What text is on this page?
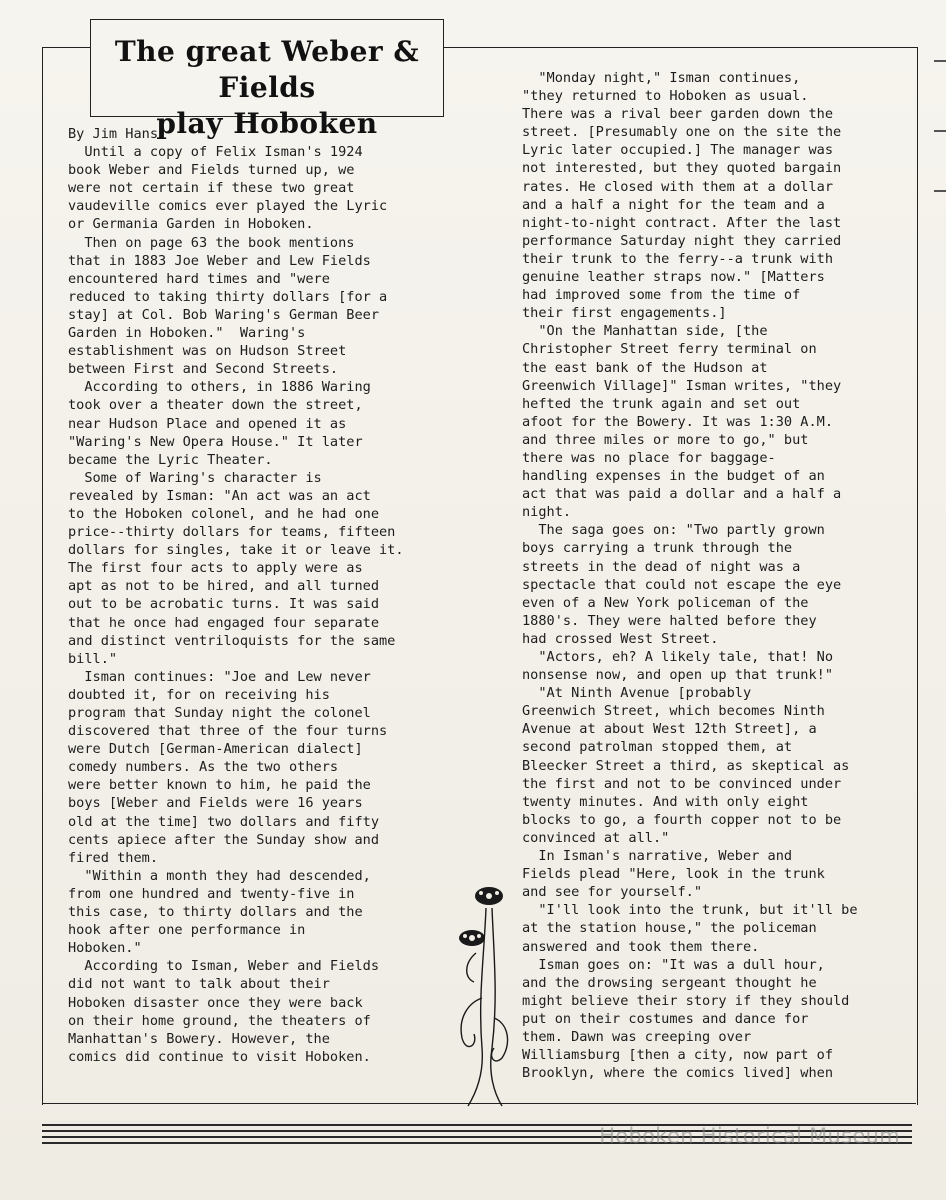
The great Weber & Fields
play Hoboken
By Jim Hans
Until a copy of Felix Isman's 1924
book Weber and Fields turned up, we
were not certain if these two great
vaudeville comics ever played the Lyric
or Germania Garden in Hoboken.
Then on page 63 the book mentions
that in 1883 Joe Weber and Lew Fields
encountered hard times and "were
reduced to taking thirty dollars [for a
stay] at Col. Bob Waring's German Beer
Garden in Hoboken."  Waring's
establishment was on Hudson Street
between First and Second Streets.
According to others, in 1886 Waring
took over a theater down the street,
near Hudson Place and opened it as
"Waring's New Opera House." It later
became the Lyric Theater.
Some of Waring's character is
revealed by Isman: "An act was an act
to the Hoboken colonel, and he had one
price--thirty dollars for teams, fifteen
dollars for singles, take it or leave it.
The first four acts to apply were as
apt as not to be hired, and all turned
out to be acrobatic turns. It was said
that he once had engaged four separate
and distinct ventriloquists for the same
bill."
Isman continues: "Joe and Lew never
doubted it, for on receiving his
program that Sunday night the colonel
discovered that three of the four turns
were Dutch [German-American dialect]
comedy numbers. As the two others
were better known to him, he paid the
boys [Weber and Fields were 16 years
old at the time] two dollars and fifty
cents apiece after the Sunday show and
fired them.
"Within a month they had descended,
from one hundred and twenty-five in
this case, to thirty dollars and the
hook after one performance in
Hoboken."
According to Isman, Weber and Fields
did not want to talk about their
Hoboken disaster once they were back
on their home ground, the theaters of
Manhattan's Bowery. However, the
comics did continue to visit Hoboken.
"Monday night," Isman continues,
"they returned to Hoboken as usual.
There was a rival beer garden down the
street. [Presumably one on the site the
Lyric later occupied.] The manager was
not interested, but they quoted bargain
rates. He closed with them at a dollar
and a half a night for the team and a
night-to-night contract. After the last
performance Saturday night they carried
their trunk to the ferry--a trunk with
genuine leather straps now." [Matters
had improved some from the time of
their first engagements.]
"On the Manhattan side, [the
Christopher Street ferry terminal on
the east bank of the Hudson at
Greenwich Village]" Isman writes, "they
hefted the trunk again and set out
afoot for the Bowery. It was 1:30 A.M.
and three miles or more to go," but
there was no place for baggage-
handling expenses in the budget of an
act that was paid a dollar and a half a
night.
The saga goes on: "Two partly grown
boys carrying a trunk through the
streets in the dead of night was a
spectacle that could not escape the eye
even of a New York policeman of the
1880's. They were halted before they
had crossed West Street.
"Actors, eh? A likely tale, that! No
nonsense now, and open up that trunk!"
"At Ninth Avenue [probably
Greenwich Street, which becomes Ninth
Avenue at about West 12th Street], a
second patrolman stopped them, at
Bleecker Street a third, as skeptical as
the first and not to be convinced under
twenty minutes. And with only eight
blocks to go, a fourth copper not to be
convinced at all."
In Isman's narrative, Weber and
Fields plead "Here, look in the trunk
and see for yourself."
"I'll look into the trunk, but it'll be
at the station house," the policeman
answered and took them there.
Isman goes on: "It was a dull hour,
and the drowsing sergeant thought he
might believe their story if they should
put on their costumes and dance for
them. Dawn was creeping over
Williamsburg [then a city, now part of
Brooklyn, where the comics lived] when
Hoboken Historical Museum
